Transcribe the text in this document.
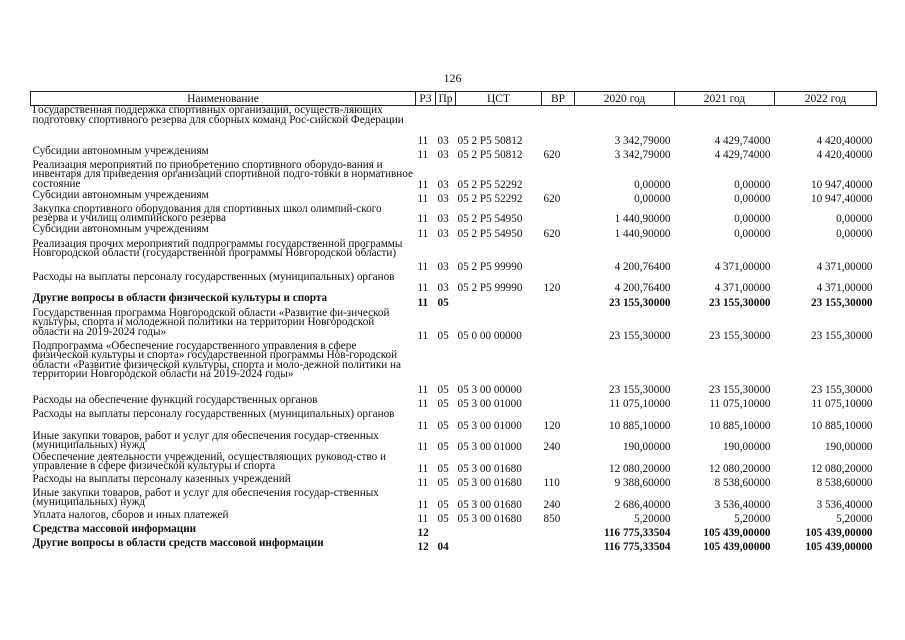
126
Наименование	РЗ	Пр	ЦСТ	ВР	2020 год	2021 год	2022 год
Государственная поддержка спортивных организаций, осуществ-ляющих подготовку спортивного резерва для сборных команд Рос-сийской Федерации	11	03	05 2 P5 50812		3 342,79000	4 429,74000	4 420,40000
Субсидии автономным учреждениям	11	03	05 2 P5 50812	620	3 342,79000	4 429,74000	4 420,40000
Реализация мероприятий по приобретению спортивного оборудо-вания и инвентаря для приведения организаций спортивной подго-товки в нормативное состояние	11	03	05 2 P5 52292		0,00000	0,00000	10 947,40000
Субсидии автономным учреждениям	11	03	05 2 P5 52292	620	0,00000	0,00000	10 947,40000
Закупка спортивного оборудования для спортивных школ олимпий-ского резерва и училищ олимпийского резерва	11	03	05 2 P5 54950		1 440,90000	0,00000	0,00000
Субсидии автономным учреждениям	11	03	05 2 P5 54950	620	1 440,90000	0,00000	0,00000
Реализация прочих мероприятий подпрограммы государственной программы Новгородской области (государственной программы Новгородской области)	11	03	05 2 P5 99990		4 200,76400	4 371,00000	4 371,00000
Расходы на выплаты персоналу государственных (муниципальных) органов	11	03	05 2 P5 99990	120	4 200,76400	4 371,00000	4 371,00000
Другие вопросы в области физической культуры и спорта	11	05			23 155,30000	23 155,30000	23 155,30000
Государственная программа Новгородской области «Развитие фи-зической культуры, спорта и молодежной политики на территории Новгородской области на 2019-2024 годы»	11	05	05 0 00 00000		23 155,30000	23 155,30000	23 155,30000
Подпрограмма «Обеспечение государственного управления в сфере физической культуры и спорта» государственной программы Нов-городской области «Развитие физической культуры, спорта и моло-дежной политики на территории Новгородской области на 2019-2024 годы»	11	05	05 3 00 00000		23 155,30000	23 155,30000	23 155,30000
Расходы на обеспечение функций государственных органов	11	05	05 3 00 01000		11 075,10000	11 075,10000	11 075,10000
Расходы на выплаты персоналу государственных (муниципальных) органов	11	05	05 3 00 01000	120	10 885,10000	10 885,10000	10 885,10000
Иные закупки товаров, работ и услуг для обеспечения государ-ственных (муниципальных) нужд	11	05	05 3 00 01000	240	190,00000	190,00000	190,00000
Обеспечение деятельности учреждений, осуществляющих руковод-ство и управление в сфере физической культуры и спорта	11	05	05 3 00 01680		12 080,20000	12 080,20000	12 080,20000
Расходы на выплаты персоналу казенных учреждений	11	05	05 3 00 01680	110	9 388,60000	8 538,60000	8 538,60000
Иные закупки товаров, работ и услуг для обеспечения государ-ственных (муниципальных) нужд	11	05	05 3 00 01680	240	2 686,40000	3 536,40000	3 536,40000
Уплата налогов, сборов и иных платежей	11	05	05 3 00 01680	850	5,20000	5,20000	5,20000
Средства массовой информации	12				116 775,33504	105 439,00000	105 439,00000
Другие вопросы в области средств массовой информации	12	04			116 775,33504	105 439,00000	105 439,00000
